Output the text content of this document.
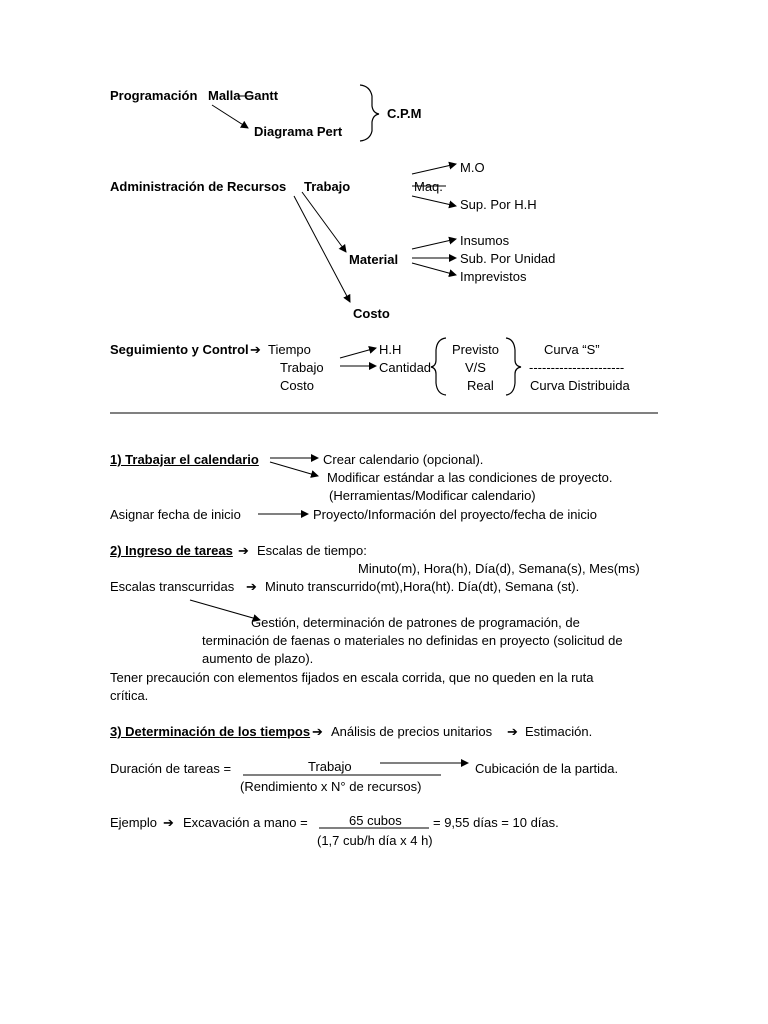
Programación Malla Gantt
C.P.M
Diagrama Pert
M.O
Administración de Recursos Trabajo	Maq.
Sup. Por H.H
Insumos
Material	Sub. Por Unidad
Imprevistos
Costo
Seguimiento y Control ➔ Tiempo
Trabajo
Costo
H.H
Cantidad
Previsto
V/S
Real
Curva “S”
----------------------
Curva Distribuida
1) Trabajar el calendario	Crear calendario (opcional).
Modificar estándar a las condiciones de proyecto.
(Herramientas/Modificar calendario)
Asignar fecha de inicio	Proyecto/Información del proyecto/fecha de inicio
2) Ingreso de tareas ➔ Escalas de tiempo:
Minuto(m), Hora(h), Día(d), Semana(s), Mes(ms)
Escalas transcurridas ➔ Minuto transcurrido(mt),Hora(ht). Día(dt), Semana (st).
Gestión, determinación de patrones de programación, de
terminación de faenas o materiales no definidas en proyecto (solicitud de
aumento de plazo).
Tener precaución con elementos fijados en escala corrida, que no queden en la ruta
crítica.
3) Determinación de los tiempos ➔ Análisis de precios unitarios ➔ Estimación.
Duración de tareas =	Trabajo	Cubicación de la partida.
(Rendimiento x N° de recursos)
Ejemplo ➔ Excavación a mano =	65 cubos = 9,55 días = 10 días.
(1,7 cub/h día x 4 h)
